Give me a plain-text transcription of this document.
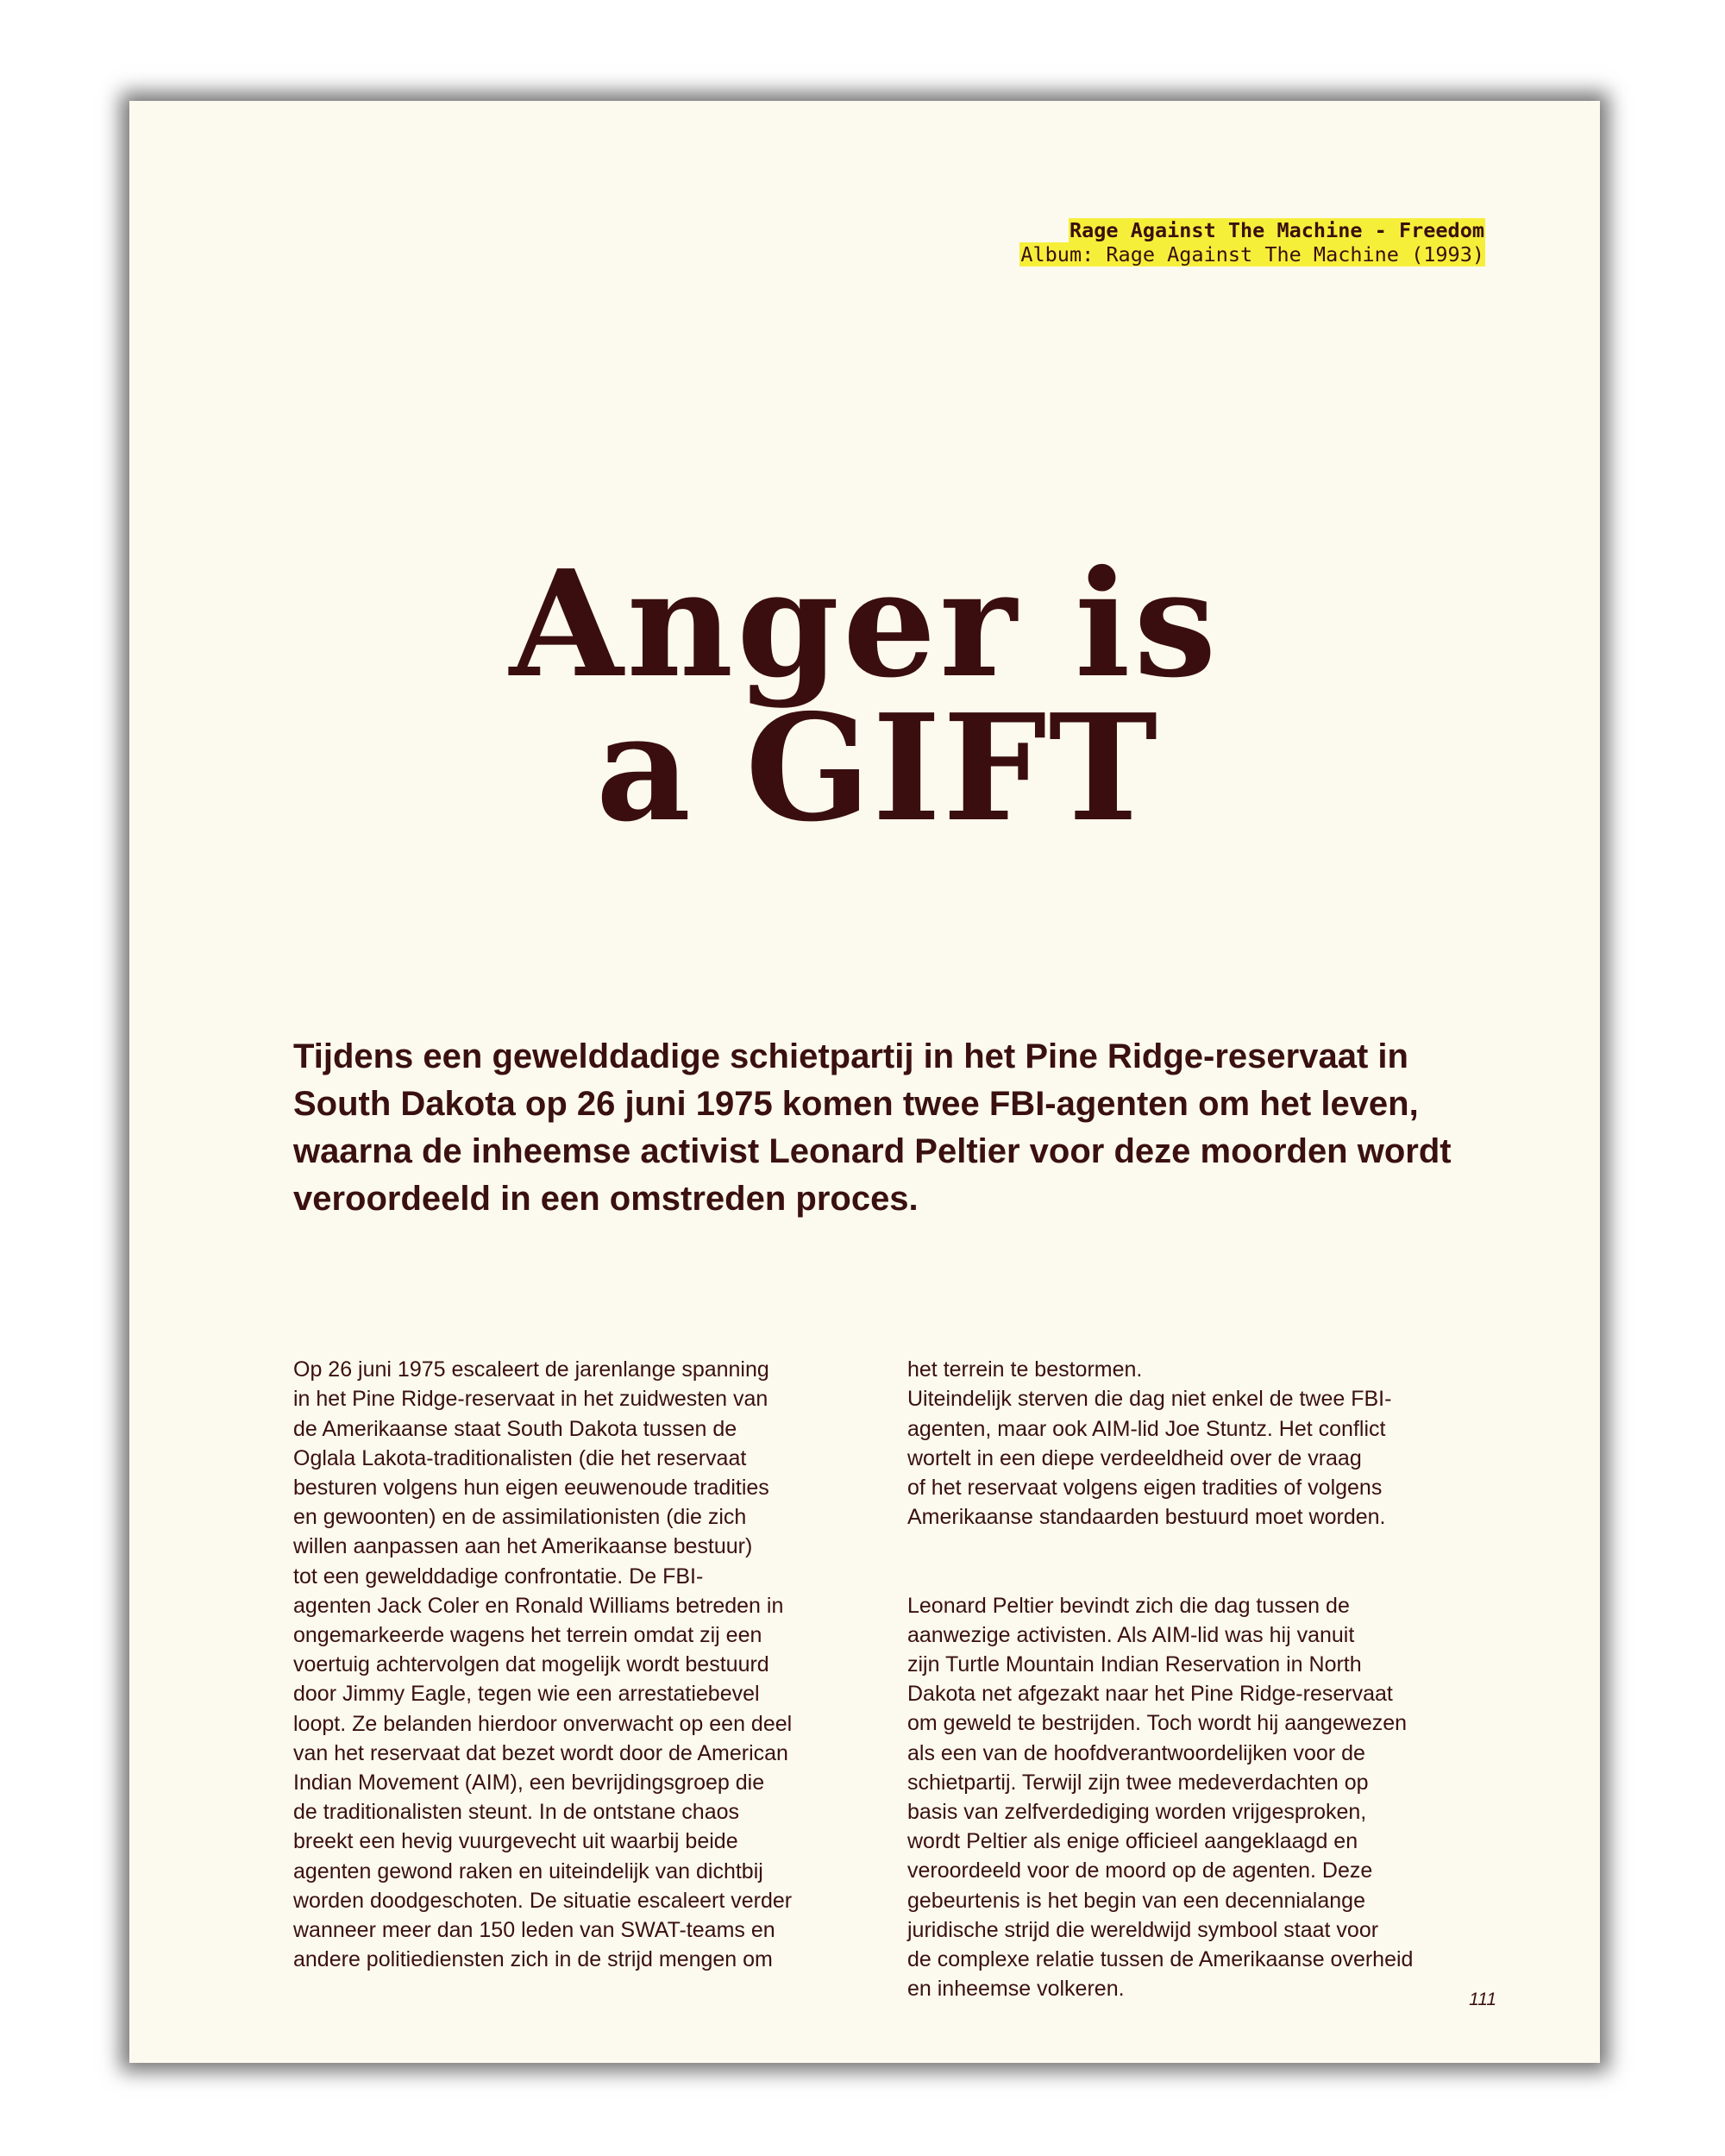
Rage Against The Machine - Freedom
Album: Rage Against The Machine (1993)
Anger is
a GIFT
Tijdens een gewelddadige schietpartij in het Pine Ridge-reservaat in South Dakota op 26 juni 1975 komen twee FBI-agenten om het leven, waarna de inheemse activist Leonard Peltier voor deze moorden wordt veroordeeld in een omstreden proces.

Op 26 juni 1975 escaleert de jarenlange spanning
in het Pine Ridge-reservaat in het zuidwesten van
de Amerikaanse staat South Dakota tussen de
Oglala Lakota-traditionalisten (die het reservaat
besturen volgens hun eigen eeuwenoude tradities
en gewoonten) en de assimilationisten (die zich
willen aanpassen aan het Amerikaanse bestuur)
tot een gewelddadige confrontatie. De FBI-
agenten Jack Coler en Ronald Williams betreden in
ongemarkeerde wagens het terrein omdat zij een
voertuig achtervolgen dat mogelijk wordt bestuurd
door Jimmy Eagle, tegen wie een arrestatiebevel
loopt. Ze belanden hierdoor onverwacht op een deel
van het reservaat dat bezet wordt door de American
Indian Movement (AIM), een bevrijdingsgroep die
de traditionalisten steunt. In de ontstane chaos
breekt een hevig vuurgevecht uit waarbij beide
agenten gewond raken en uiteindelijk van dichtbij
worden doodgeschoten. De situatie escaleert verder
wanneer meer dan 150 leden van SWAT-teams en
andere politiediensten zich in de strijd mengen om

het terrein te bestormen.
Uiteindelijk sterven die dag niet enkel de twee FBI-
agenten, maar ook AIM-lid Joe Stuntz. Het conflict
wortelt in een diepe verdeeldheid over de vraag
of het reservaat volgens eigen tradities of volgens
Amerikaanse standaarden bestuurd moet worden.

Leonard Peltier bevindt zich die dag tussen de
aanwezige activisten. Als AIM-lid was hij vanuit
zijn Turtle Mountain Indian Reservation in North
Dakota net afgezakt naar het Pine Ridge-reservaat
om geweld te bestrijden. Toch wordt hij aangewezen
als een van de hoofdverantwoordelijken voor de
schietpartij. Terwijl zijn twee medeverdachten op
basis van zelfverdediging worden vrijgesproken,
wordt Peltier als enige officieel aangeklaagd en
veroordeeld voor de moord op de agenten. Deze
gebeurtenis is het begin van een decennialange
juridische strijd die wereldwijd symbool staat voor
de complexe relatie tussen de Amerikaanse overheid
en inheemse volkeren.	111
